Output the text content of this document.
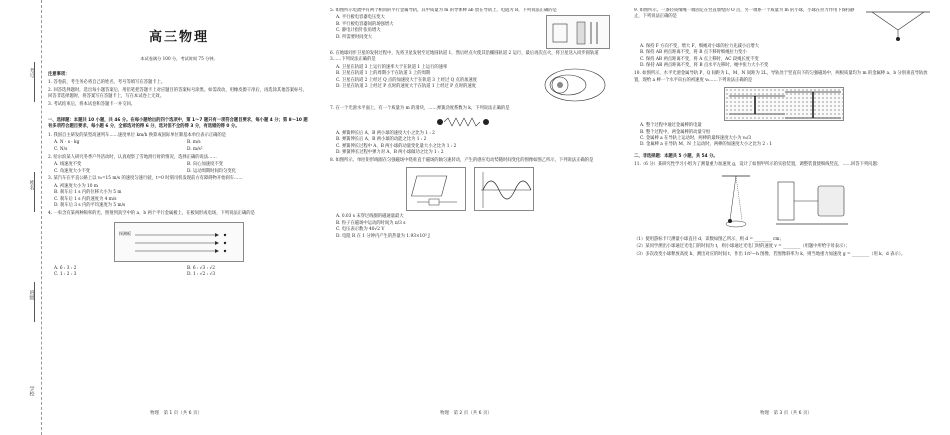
考号
姓名
班级
学校
高三物理
本试卷满分 100 分，考试时间 75 分钟。
注意事项：
1. 答卷前，考生务必将自己的姓名、考号等填写在答题卡上。
2. 回答选择题时，选出每小题答案后，用铅笔把答题卡上对应题目的答案标号涂黑。如需改动，用橡皮擦干净后，再选涂其他答案标号。回答非选择题时，将答案写在答题卡上，写在本试卷上无效。
3. 考试结束后，将本试卷和答题卡一并交回。
一、选择题：本题共 10 小题，共 46 分。在每小题给出的四个选项中，第 1～7 题只有一项符合题目要求，每小题 4 分；第 8～10 题有多项符合题目要求，每小题 6 分，全部选对的得 6 分，选对但不全的得 3 分，有选错的得 0 分。
1. 我国自主研发的某型高速列车……速度单位 km/h 换算成国际单位制基本单位表示正确的是
A. N · s · kg	B. m/s
C. N/s	D. m/s²
2. 哈尔滨某人研究冬季户外活动时，认真观察了雪地滑行时的情况，选择正确的说法……
A. 线速度不变	B. 向心加速度不变
C. 角速度大小不变	D. 运动周期时间均匀变化
3. 某汽车在平直公路上以 v₀=15 m/s 的速度匀速行驶，t=0 时刻司机发现前方有障碍物开始刹车……
A. 初速度大小为 10 m
B. 刹车后 1 s 内的位移大小为 5 m
C. 刹车后 1 s 内的速度为 4 m/s
D. 刹车后 3 s 内的平均速度为 5 m/s
4. 一束含有某两种频率的光，照射到真空中的 a、b 两个平行金属板上，在板间形成电场，下列说法正确的是
探测板
A. 6 : 3 : 2	B. 6 : √3 : √2
C. 1 : 2 : 3	D. 1 : √2 : √3
物理　第 1 页（共 6 页）
5. 如图所示电流中有两个相同的平行金属导轨，其中质量为 m 的导体棒 ab 放在导轨上，电阻为 R，下列说法正确的是
A. 平行板电容器电压变大
B. 平行板电容器间的场强增大
C. 静电计指针张角增大
D. 所需要时间变大
6. 在地球同步卫星的发射过程中，先将卫星发射至近地圆轨道 1，然后经点火使其沿椭圆轨道 2 运行，最后再次点火，将卫星送入同步圆轨道 3……下列说法正确的是
A. 卫星在轨道 3 上运行的速率大于在轨道 1 上运行的速率
B. 卫星在轨道 1 上的周期小于在轨道 3 上的周期
C. 卫星在轨道 2 上经过 Q 点的加速度大于在轨道 3 上经过 Q 点的加速度
D. 卫星在轨道 2 上经过 P 点时的速度大于在轨道 1 上经过 P 点时的速度
7. 在一个光滑水平面上，有一个质量为 m 的滑块，……弹簧劲度系数为 k，下列说法正确的是
A. 弹簧伸长后 A、B 两小球的速度大小之比为 1 : 2
B. 弹簧伸长后 A、B 两小球的动能之比为 1 : 2
C. 弹簧伸长过程中 A、B 两小球的动量变化量大小之比为 1 : 2
D. 弹簧伸长过程中弹力对 A、B 两小球做功之比为 1 : 2
8. 如图所示，单匝矩形线圈在匀强磁场中绕垂直于磁场的轴匀速转动，产生的感应电动势随时间变化的图像如图乙所示，下列说法正确的是
A. 0.03 s 末穿过线圈的磁通量最大
B. 粒子在磁场中运动的时间为 π/3 s
C. 电压表示数为 40√2 V
D. 电阻 R 在 1 分钟内产生的热量为 1.93×10³ J
物理　第 2 页（共 6 页）
9. 如图所示，一条轻质细绳一端固定在竖直墙壁的 O 点，另一端系一个质量为 m 的小球，小球在拉力作用下保持静止，下列说法正确的是
A. 保持 F 方向不变，增大 F，细绳对小球的拉力先减小后增大
B. 保持 AB 两点距离不变，将 B 点下移时细绳拉力变小
C. 保持 AB 两点距离不变，将 A 点上移时，AC 段绳长度不变
D. 保持 AB 两点距离不变，将 B 点水平左移时，绳中张力大小不变
10. 如图所示，水平光滑金属导轨 P、Q 间距为 L，M、N 间距为 2L，导轨处于竖直向下的匀强磁场中，两根质量均为 m 的金属棒 a、b 分别垂直导轨放置，现给 a 棒一个水平向右的初速度 v₀……下列说法正确的是
A. 整个过程中通过金属棒的电量
B. 整个过程中，两金属棒的动量守恒
C. 金属棒 a 在导轨上运动时，两棒的最终速度大小为 v₀/3
D. 金属棒 a 在导轨 M、N 上运动时，两棒的加速度大小之比为 2 : 1
二、非选择题：本题共 5 小题，共 54 分。
11.（6 分）某研究性学习小组为了测量重力加速度 g，设计了如图甲所示的实验装置，调整装置使细线竖直，……回答下列问题：
（1）使用游标卡尺测量小球直径 d，读数如图乙所示，则 d = ________ cm；
（2）某同学测出小球通过光电门的时间为 t，则小球通过光电门时的速度 v = ________（用题中所给字母表示）；
（3）多次改变小球释放高度 h，测出对应的时间 t，作出 1/t²—h 图像，若图像斜率为 k，则当地重力加速度 g = ________（用 k、d 表示）。
物理　第 3 页（共 6 页）
